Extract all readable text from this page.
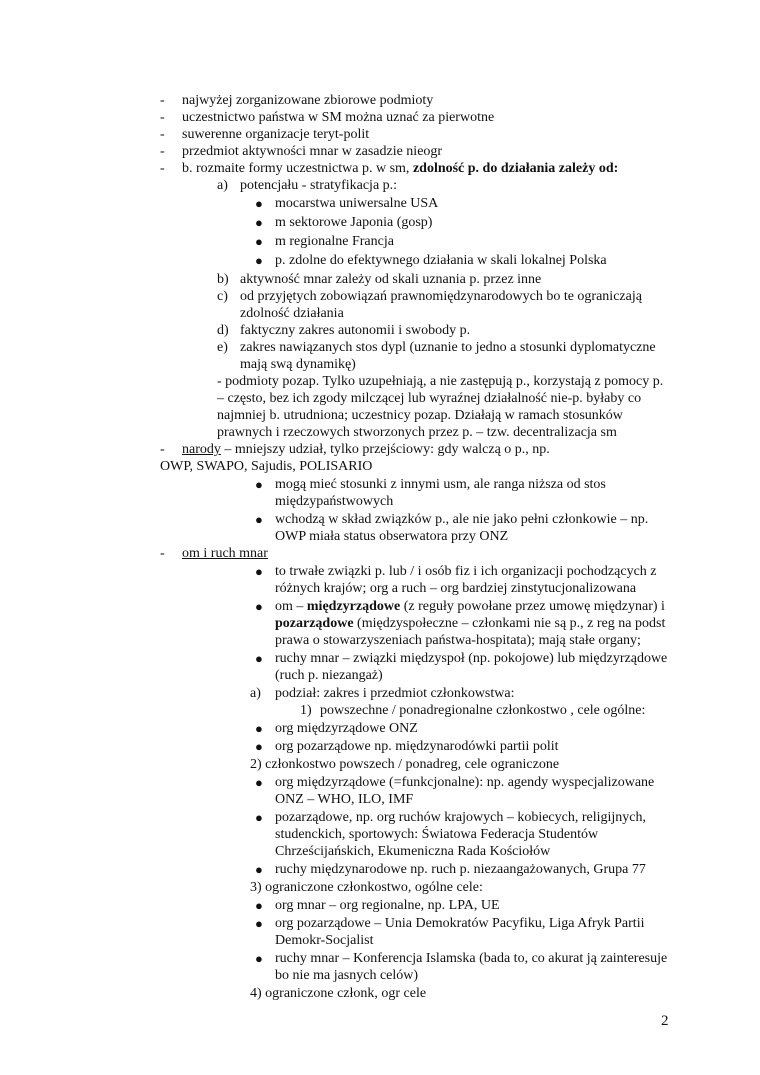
- najwyżej zorganizowane zbiorowe podmioty
- uczestnictwo państwa w SM można uznać za pierwotne
- suwerenne organizacje teryt-polit
- przedmiot aktywności mnar w zasadzie nieogr
- b. rozmaite formy uczestnictwa p. w sm, zdolność p. do działania zależy od:
a) potencjału - stratyfikacja p.:
● mocarstwa uniwersalne USA
● m sektorowe Japonia (gosp)
● m regionalne Francja
● p. zdolne do efektywnego działania w skali lokalnej Polska
b) aktywność mnar zależy od skali uznania p. przez inne
c) od przyjętych zobowiązań prawnomiędzynarodowych bo te ograniczają
zdolność działania
d) faktyczny zakres autonomii i swobody p.
e) zakres nawiązanych stos dypl (uznanie to jedno a stosunki dyplomatyczne
mają swą dynamikę)
- podmioty pozap. Tylko uzupełniają, a nie zastępują p., korzystają z pomocy p.
– często, bez ich zgody milczącej lub wyraźnej działalność nie-p. byłaby co
najmniej b. utrudniona; uczestnicy pozap. Działają w ramach stosunków
prawnych i rzeczowych stworzonych przez p. – tzw. decentralizacja sm
- narody – mniejszy udział, tylko przejściowy: gdy walczą o p., np.
OWP, SWAPO, Sajudis, POLISARIO
● mogą mieć stosunki z innymi usm, ale ranga niższa od stos
międzypaństwowych
● wchodzą w skład związków p., ale nie jako pełni członkowie – np.
OWP miała status obserwatora przy ONZ
- om i ruch mnar
● to trwałe związki p. lub / i osób fiz i ich organizacji pochodzących z
różnych krajów; org a ruch – org bardziej zinstytucjonalizowana
● om – międzyrządowe (z reguły powołane przez umowę międzynar) i
pozarządowe (międzyspołeczne – członkami nie są p., z reg na podst
prawa o stowarzyszeniach państwa-hospitata); mają stałe organy;
● ruchy mnar – związki międzyspoł (np. pokojowe) lub międzyrządowe
(ruch p. niezangaż)
a) podział: zakres i przedmiot członkowstwa:
1) powszechne / ponadregionalne członkostwo , cele ogólne:
● org międzyrządowe ONZ
● org pozarządowe np. międzynarodówki partii polit
2) członkostwo powszech / ponadreg, cele ograniczone
● org międzyrządowe (=funkcjonalne): np. agendy wyspecjalizowane
ONZ – WHO, ILO, IMF
● pozarządowe, np. org ruchów krajowych – kobiecych, religijnych,
studenckich, sportowych: Światowa Federacja Studentów
Chrześcijańskich, Ekumeniczna Rada Kościołów
● ruchy międzynarodowe np. ruch p. niezaangażowanych, Grupa 77
3) ograniczone członkostwo, ogólne cele:
● org mnar – org regionalne, np. LPA, UE
● org pozarządowe – Unia Demokratów Pacyfiku, Liga Afryk Partii
Demokr-Socjalist
● ruchy mnar – Konferencja Islamska (bada to, co akurat ją zainteresuje
bo nie ma jasnych celów)
4) ograniczone członk, ogr cele
2
